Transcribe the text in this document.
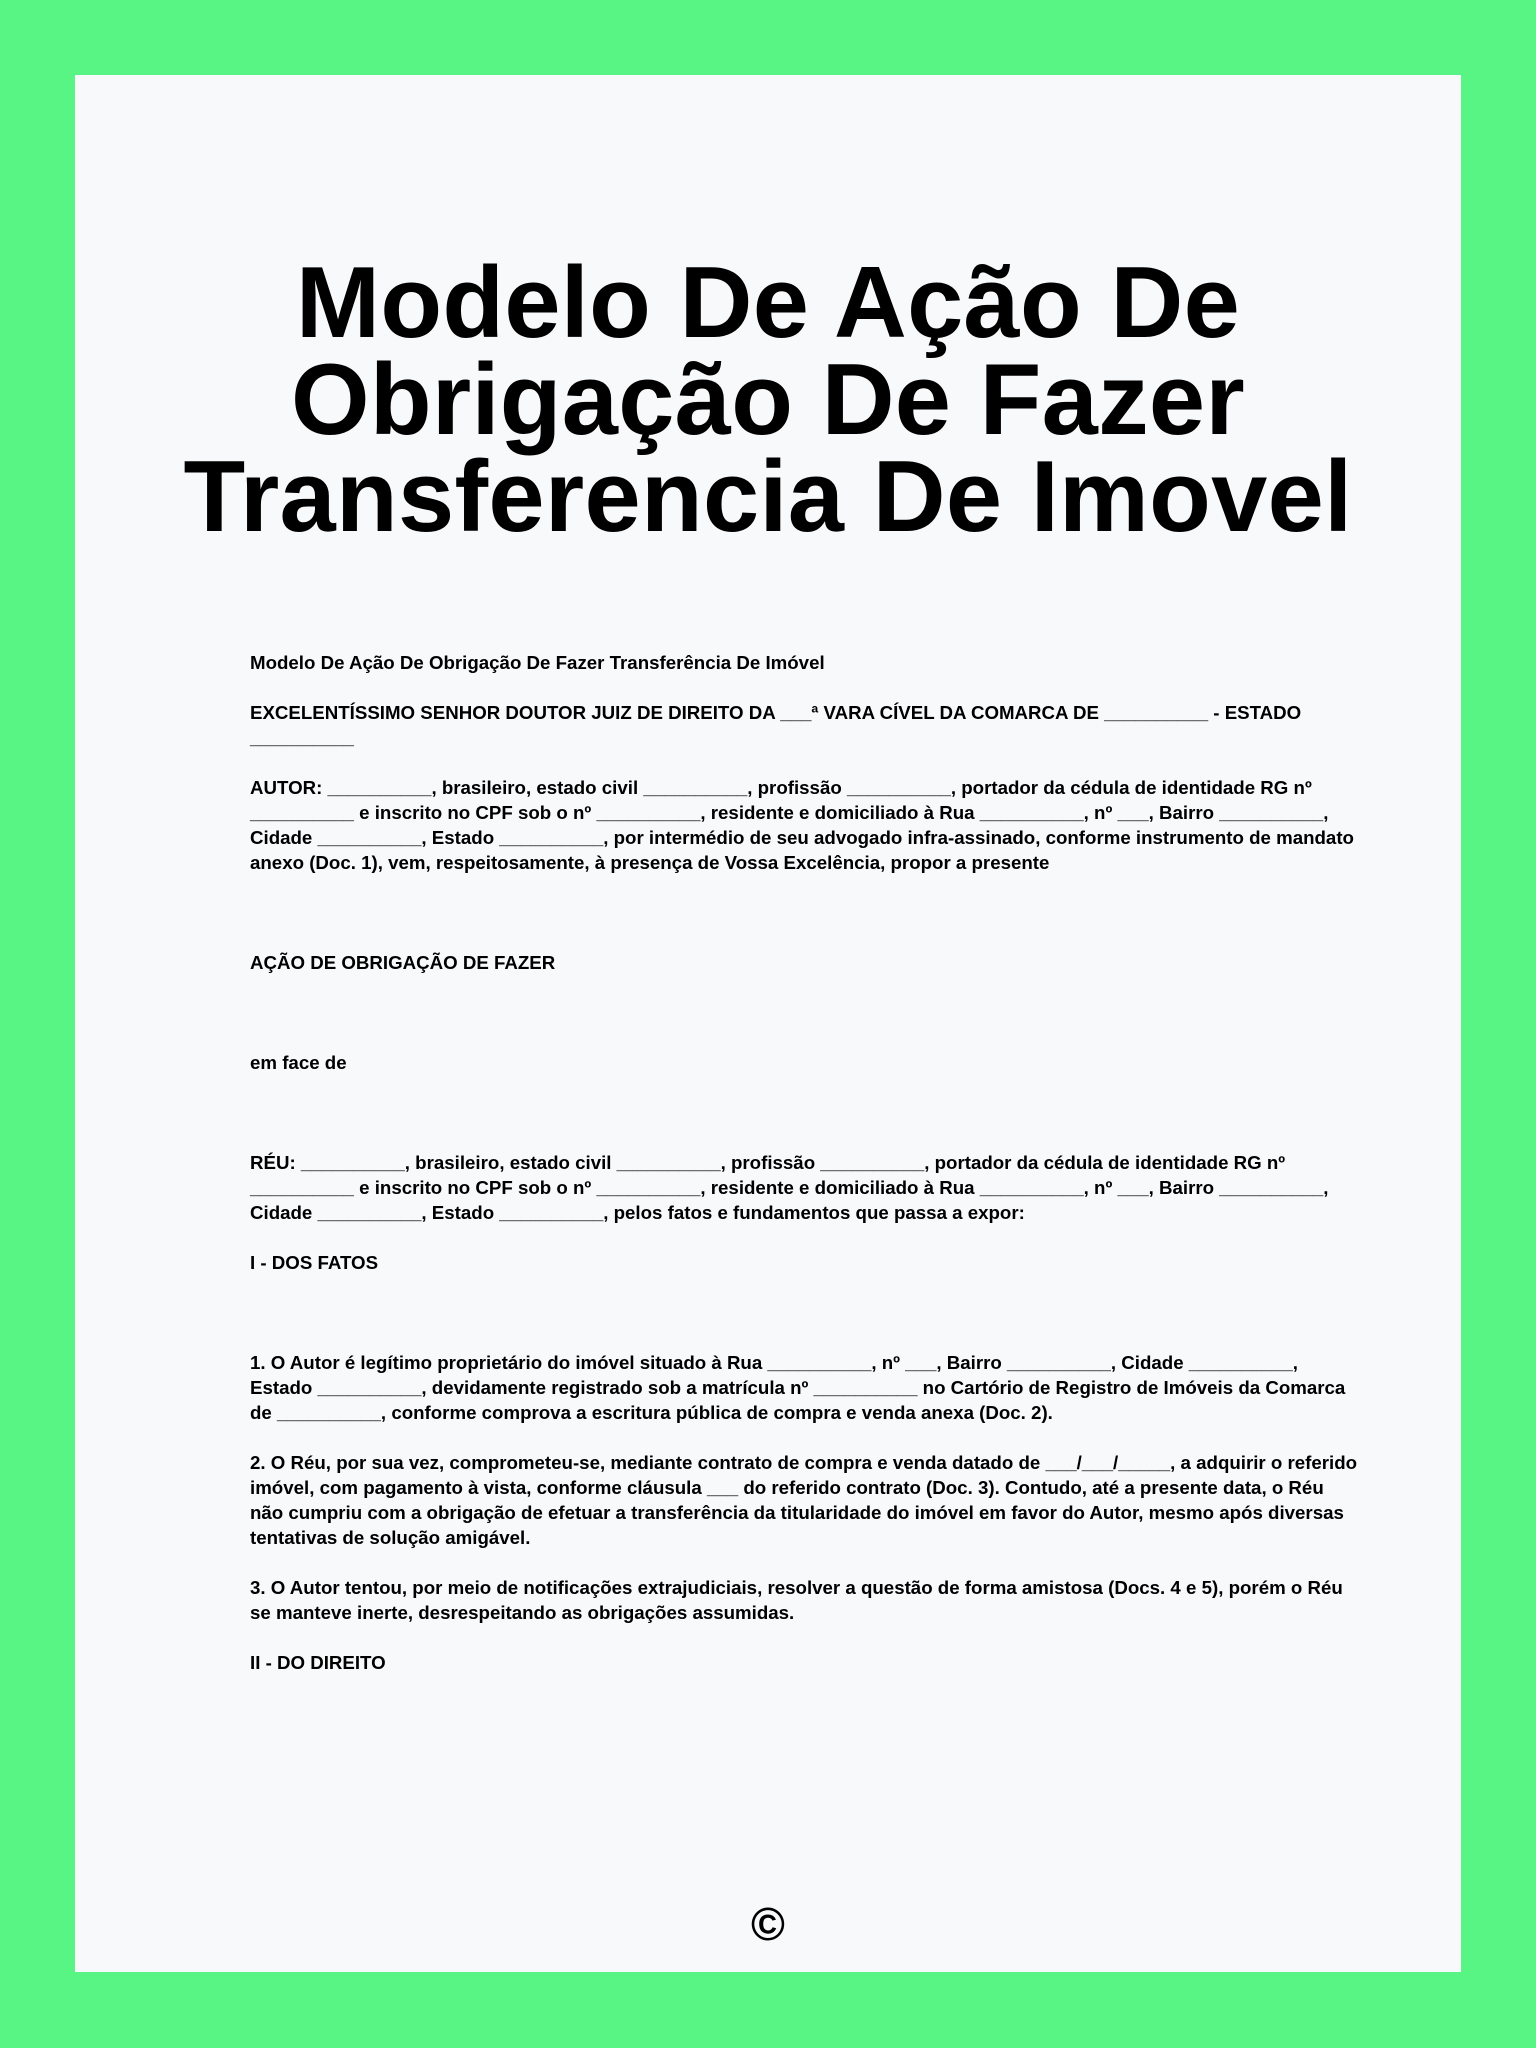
Modelo De Ação De
Obrigação De Fazer
Transferencia De Imovel

Modelo De Ação De Obrigação De Fazer Transferência De Imóvel

EXCELENTÍSSIMO SENHOR DOUTOR JUIZ DE DIREITO DA ___ª VARA CÍVEL DA COMARCA DE __________ - ESTADO __________

AUTOR: __________, brasileiro, estado civil __________, profissão __________, portador da cédula de identidade RG nº __________ e inscrito no CPF sob o nº __________, residente e domiciliado à Rua __________, nº ___, Bairro __________, Cidade __________, Estado __________, por intermédio de seu advogado infra-assinado, conforme instrumento de mandato anexo (Doc. 1), vem, respeitosamente, à presença de Vossa Excelência, propor a presente

AÇÃO DE OBRIGAÇÃO DE FAZER

em face de

RÉU: __________, brasileiro, estado civil __________, profissão __________, portador da cédula de identidade RG nº __________ e inscrito no CPF sob o nº __________, residente e domiciliado à Rua __________, nº ___, Bairro __________, Cidade __________, Estado __________, pelos fatos e fundamentos que passa a expor:

I - DOS FATOS

1. O Autor é legítimo proprietário do imóvel situado à Rua __________, nº ___, Bairro __________, Cidade __________, Estado __________, devidamente registrado sob a matrícula nº __________ no Cartório de Registro de Imóveis da Comarca de __________, conforme comprova a escritura pública de compra e venda anexa (Doc. 2).

2. O Réu, por sua vez, comprometeu-se, mediante contrato de compra e venda datado de ___/___/_____, a adquirir o referido imóvel, com pagamento à vista, conforme cláusula ___ do referido contrato (Doc. 3). Contudo, até a presente data, o Réu não cumpriu com a obrigação de efetuar a transferência da titularidade do imóvel em favor do Autor, mesmo após diversas tentativas de solução amigável.

3. O Autor tentou, por meio de notificações extrajudiciais, resolver a questão de forma amistosa (Docs. 4 e 5), porém o Réu se manteve inerte, desrespeitando as obrigações assumidas.

II - DO DIREITO

©
